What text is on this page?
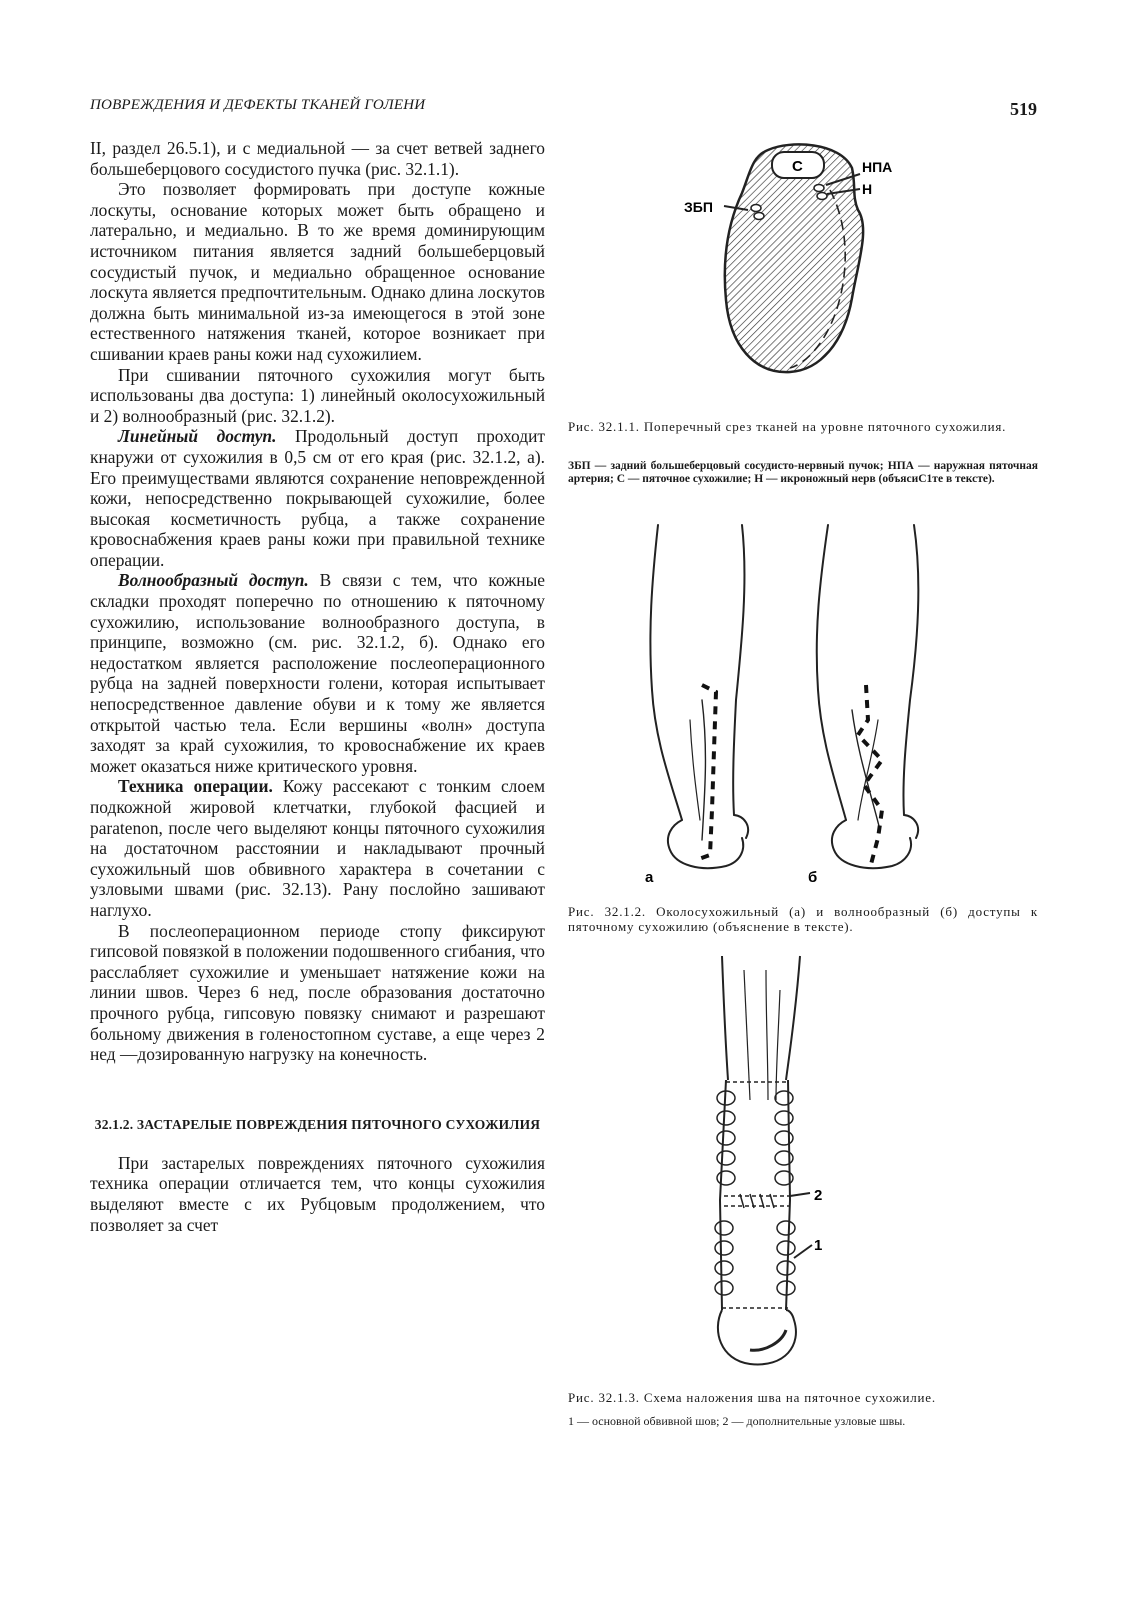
ПОВРЕЖДЕНИЯ И ДЕФЕКТЫ ТКАНЕЙ ГОЛЕНИ	519

II, раздел 26.5.1), и с медиальной — за счет ветвей заднего большеберцового сосудистого пучка (рис. 32.1.1).

Это позволяет формировать при доступе кожные лоскуты, основание которых может быть обращено и латерально, и медиально. В то же время доминирующим источником питания является задний большеберцовый сосудистый пучок, и медиально обращенное основание лоскута является предпочтительным. Однако длина лоскутов должна быть минимальной из-за имеющегося в этой зоне естественного натяжения тканей, которое возникает при сшивании краев раны кожи над сухожилием.

При сшивании пяточного сухожилия могут быть использованы два доступа: 1) линейный околосухожильный и 2) волнообразный (рис. 32.1.2).

Линейный доступ. Продольный доступ проходит кнаружи от сухожилия в 0,5 см от его края (рис. 32.1.2, а). Его преимуществами являются сохранение неповрежденной кожи, непосредственно покрывающей сухожилие, более высокая косметичность рубца, а также сохранение кровоснабжения краев раны кожи при правильной технике операции.

Волнообразный доступ. В связи с тем, что кожные складки проходят поперечно по отношению к пяточному сухожилию, использование волнообразного доступа, в принципе, возможно (см. рис. 32.1.2, б). Однако его недостатком является расположение послеоперационного рубца на задней поверхности голени, которая испытывает непосредственное давление обуви и к тому же является открытой частью тела. Если вершины «волн» доступа заходят за край сухожилия, то кровоснабжение их краев может оказаться ниже критического уровня.

Техника операции. Кожу рассекают с тонким слоем подкожной жировой клетчатки, глубокой фасцией и paratenon, после чего выделяют концы пяточного сухожилия на достаточном расстоянии и накладывают прочный сухожильный шов обвивного характера в сочетании с узловыми швами (рис. 32.13). Рану послойно зашивают наглухо.

В послеоперационном периоде стопу фиксируют гипсовой повязкой в положении подошвенного сгибания, что расслабляет сухожилие и уменьшает натяжение кожи на линии швов. Через 6 нед, после образования достаточно прочного рубца, гипсовую повязку снимают и разрешают больному движения в голеностопном суставе, а еще через 2 нед —дозированную нагрузку на конечность.

32.1.2. ЗАСТАРЕЛЫЕ ПОВРЕЖДЕНИЯ ПЯТОЧНОГО СУХОЖИЛИЯ

При застарелых повреждениях пяточного сухожилия техника операции отличается тем, что концы сухожилия выделяют вместе с их Рубцовым продолжением, что позволяет за счет

С	НПА
Н
ЗБП
Рис. 32.1.1. Поперечный срез тканей на уровне пяточного сухожилия.
ЗБП — задний большеберцовый сосудисто-нервный пучок; НПА — наружная пяточная артерия; С — пяточное сухожилие; Н — икроножный нерв (объясиС1те в тексте).
а	б
Рис. 32.1.2. Околосухожильный (а) и волнообразный (б) доступы к пяточному сухожилию (объяснение в тексте).
2
1
Рис. 32.1.3. Схема наложения шва на пяточное сухожилие.
1 — основной обвивной шов; 2 — дополнительные узловые швы.
